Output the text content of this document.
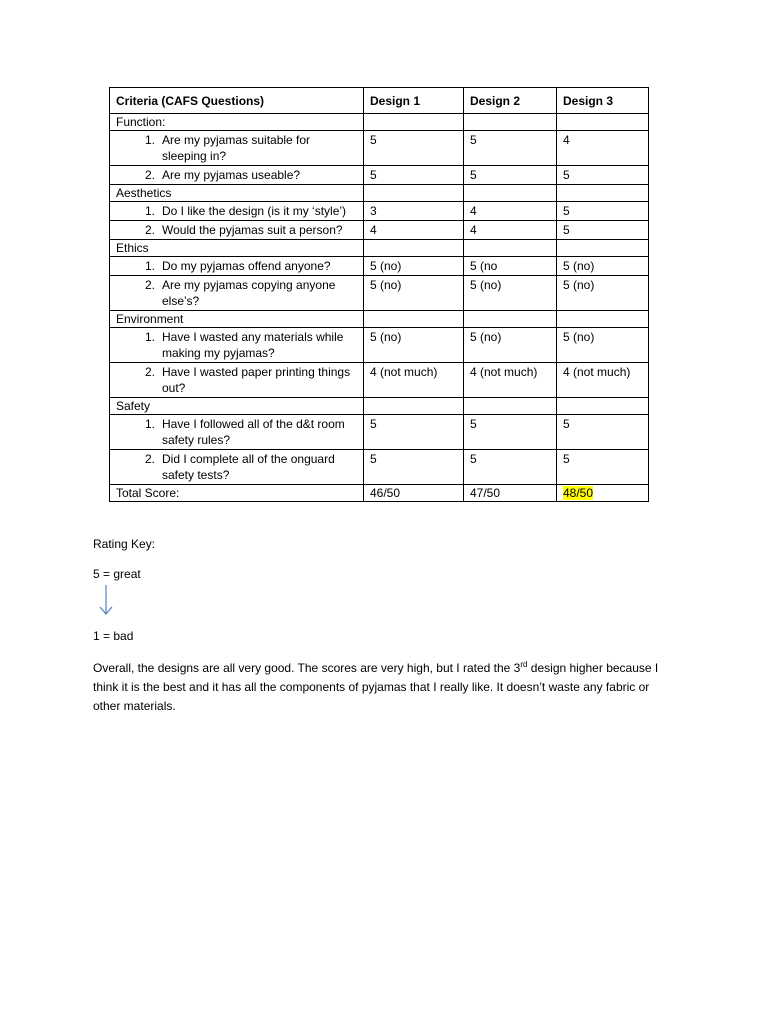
Criteria (CAFS Questions)	Design 1	Design 2	Design 3
Function:			

1. Are my pyjamas suitable for sleeping in?	5	5	4

2. Are my pyjamas useable?	5	5	5
Aesthetics			

1. Do I like the design (is it my ‘style’)	3	4	5

2. Would the pyjamas suit a person?	4	4	5
Ethics			

1. Do my pyjamas offend anyone?	5 (no)	5 (no	5 (no)

2. Are my pyjamas copying anyone else’s?	5 (no)	5 (no)	5 (no)
Environment			

1. Have I wasted any materials while making my pyjamas?	5 (no)	5 (no)	5 (no)

2. Have I wasted paper printing things out?	4 (not much)	4 (not much)	4 (not much)
Safety			

1. Have I followed all of the d&t room safety rules?	5	5	5

2. Did I complete all of the onguard safety tests?	5	5	5
Total Score:	46/50	47/50	48/50
Rating Key:
5 = great
1 = bad

Overall, the designs are all very good. The scores are very high, but I rated the 3rd design higher because I think it is the best and it has all the components of pyjamas that I really like. It doesn’t waste any fabric or other materials.
